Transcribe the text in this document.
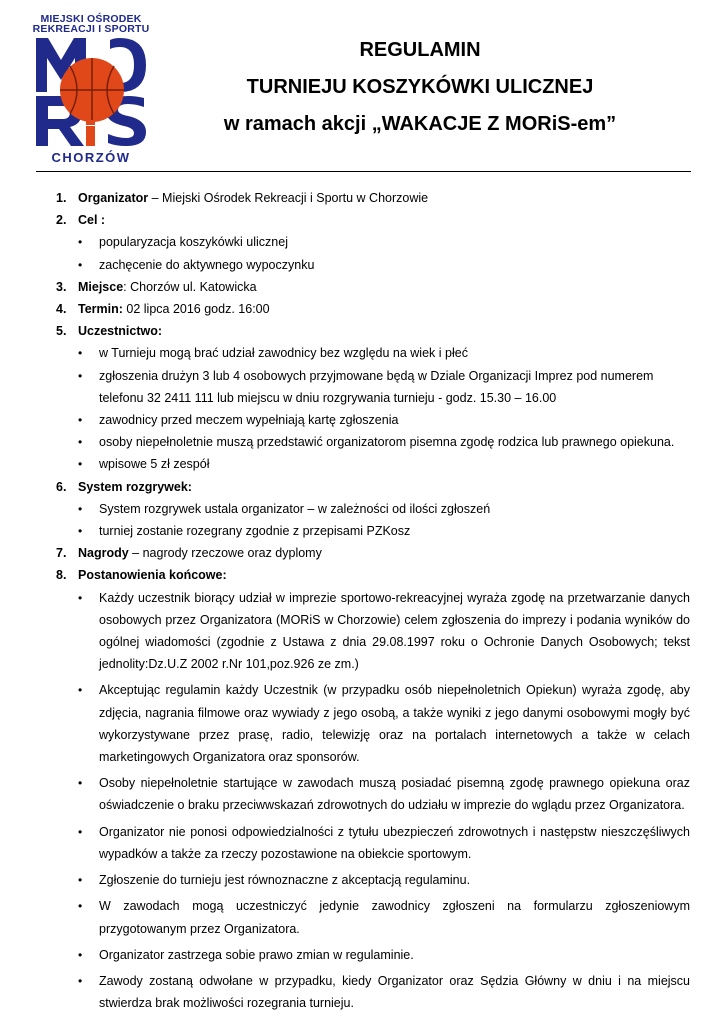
MIEJSKI OŚRODEK
REKREACJI I SPORTU
CHORZÓW
REGULAMIN
TURNIEJU KOSZYKÓWKI ULICZNEJ
w ramach akcji „WAKACJE Z MORiS-em”
1. Organizator – Miejski Ośrodek Rekreacji i Sportu w Chorzowie
2. Cel :
• popularyzacja koszykówki ulicznej
• zachęcenie do aktywnego wypoczynku
3. Miejsce: Chorzów ul. Katowicka
4. Termin: 02 lipca 2016 godz. 16:00
5. Uczestnictwo:
• w Turnieju mogą brać udział zawodnicy bez względu na wiek i płeć
• zgłoszenia drużyn 3 lub 4 osobowych przyjmowane będą w Dziale Organizacji Imprez pod numerem telefonu 32 2411 111 lub miejscu w dniu rozgrywania turnieju - godz. 15.30 – 16.00
• zawodnicy przed meczem wypełniają kartę zgłoszenia
• osoby niepełnoletnie muszą przedstawić organizatorom pisemna zgodę rodzica lub prawnego opiekuna.
• wpisowe 5 zł zespół
6. System rozgrywek:
• System rozgrywek ustala organizator – w zależności od ilości zgłoszeń
• turniej zostanie rozegrany zgodnie z przepisami PZKosz
7. Nagrody – nagrody rzeczowe oraz dyplomy
8. Postanowienia końcowe:
• Każdy uczestnik biorący udział w imprezie sportowo-rekreacyjnej wyraża zgodę na przetwarzanie danych osobowych przez Organizatora (MORiS w Chorzowie) celem zgłoszenia do imprezy i podania wyników do ogólnej wiadomości (zgodnie z Ustawa z dnia 29.08.1997 roku o Ochronie Danych Osobowych; tekst jednolity:Dz.U.Z 2002 r.Nr 101,poz.926 ze zm.)
• Akceptując regulamin każdy Uczestnik (w przypadku osób niepełnoletnich Opiekun) wyraża zgodę, aby zdjęcia, nagrania filmowe oraz wywiady z jego osobą, a także wyniki z jego danymi osobowymi mogły być wykorzystywane przez prasę, radio, telewizję oraz na portalach internetowych a także w celach marketingowych Organizatora oraz sponsorów.
• Osoby niepełnoletnie startujące w zawodach muszą posiadać pisemną zgodę prawnego opiekuna oraz oświadczenie o braku przeciwwskazań zdrowotnych do udziału w imprezie do wglądu przez Organizatora.
• Organizator nie ponosi odpowiedzialności z tytułu ubezpieczeń zdrowotnych i następstw nieszczęśliwych wypadków a także za rzeczy pozostawione na obiekcie sportowym.
• Zgłoszenie do turnieju jest równoznaczne z akceptacją regulaminu.
• W zawodach mogą uczestniczyć jedynie zawodnicy zgłoszeni na formularzu zgłoszeniowym przygotowanym przez Organizatora.
• Organizator zastrzega sobie prawo zmian w regulaminie.
• Zawody zostaną odwołane w przypadku, kiedy Organizator oraz Sędzia Główny w dniu i na miejscu stwierdza brak możliwości rozegrania turnieju.
